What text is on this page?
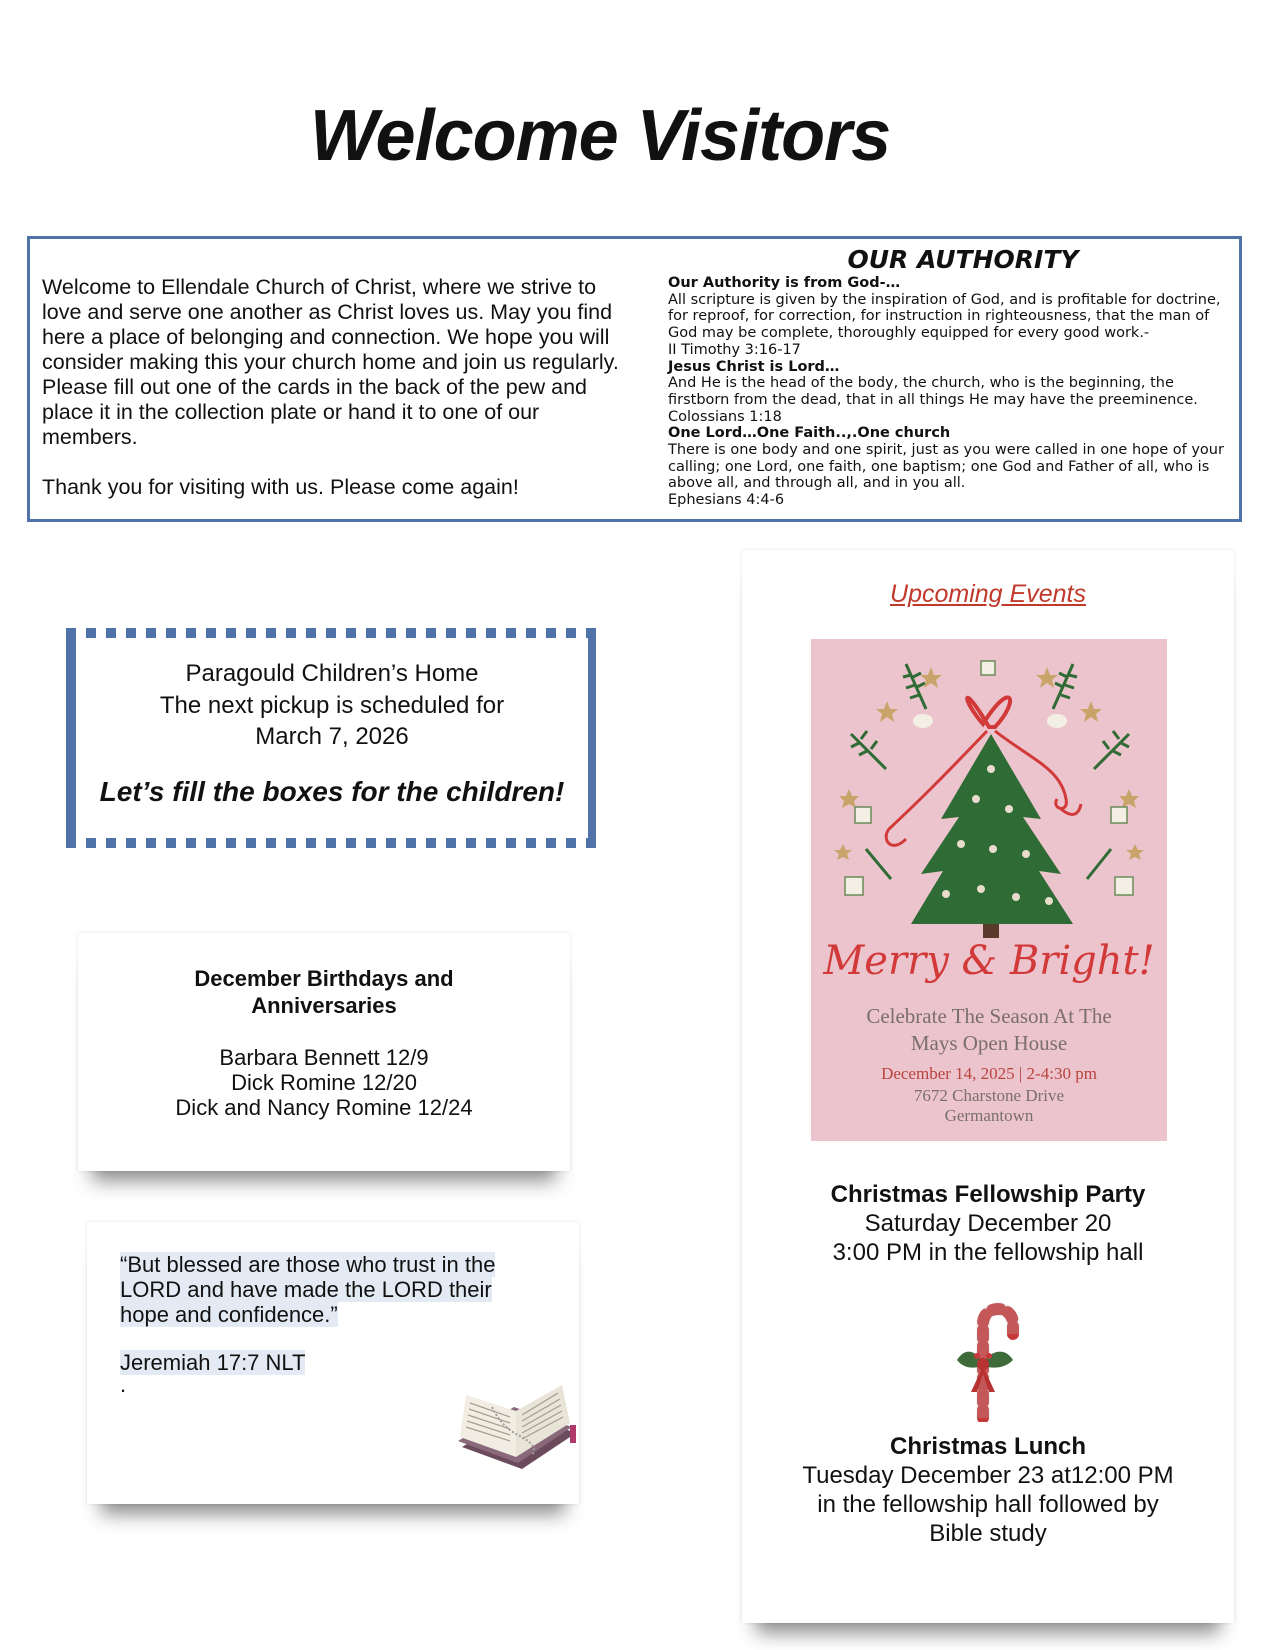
Welcome Visitors

Welcome to Ellendale Church of Christ, where we strive to love and serve one another as Christ loves us. May you find here a place of belonging and connection. We hope you will consider making this your church home and join us regularly. Please fill out one of the cards in the back of the pew and place it in the collection plate or hand it to one of our members.

Thank you for visiting with us. Please come again!

OUR AUTHORITY
Our Authority is from God-…
All scripture is given by the inspiration of God, and is profitable for doctrine, for reproof, for correction, for instruction in righteousness, that the man of God may be complete, thoroughly equipped for every good work.-
II Timothy 3:16-17
Jesus Christ is Lord…
And He is the head of the body, the church, who is the beginning, the firstborn from the dead, that in all things He may have the preeminence.
Colossians 1:18
One Lord…One Faith..,.One church
There is one body and one spirit, just as you were called in one hope of your calling; one Lord, one faith, one baptism; one God and Father of all, who is above all, and through all, and in you all.
Ephesians 4:4-6
Paragould Children’s Home
The next pickup is scheduled for
March 7, 2026
Let’s fill the boxes for the children!
December Birthdays and
Anniversaries
Barbara Bennett 12/9
Dick Romine 12/20
Dick and Nancy Romine 12/24
“But blessed are those who trust in the
LORD and have made the LORD their
hope and confidence.”
Jeremiah 17:7 NLT
.
Upcoming Events
Merry & Bright!
Celebrate The Season At The
Mays Open House
December 14, 2025 | 2-4:30 pm
7672 Charstone Drive
Germantown
Christmas Fellowship Party
Saturday December 20
3:00 PM in the fellowship hall
Christmas Lunch
Tuesday December 23 at12:00 PM
in the fellowship hall followed by
Bible study
